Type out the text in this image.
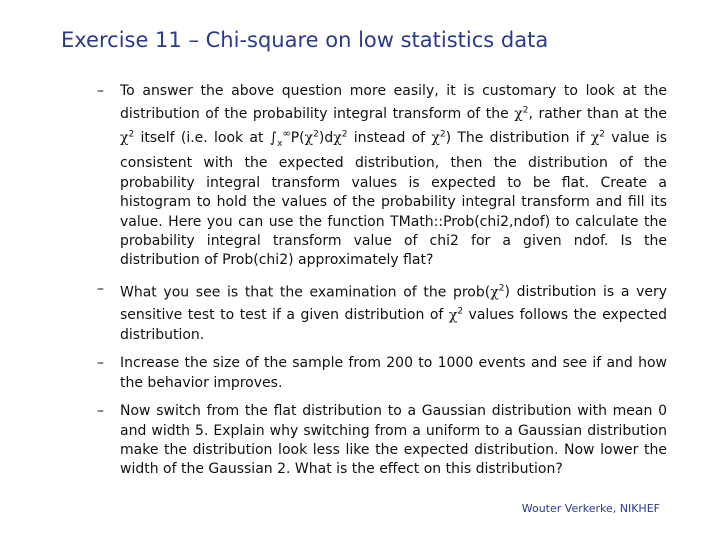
Exercise 11 – Chi-square on low statistics data
– To answer the above question more easily, it is customary to look at the distribution of the probability integral transform of the $\chi^2$, rather than at the $\chi^2$ itself (i.e. look at $\int_x^\infty P(\chi^2)d\chi^2$ instead of $\chi^2$) The distribution if $\chi^2$ value is consistent with the expected distribution, then the distribution of the probability integral transform values is expected to be flat. Create a histogram to hold the values of the probability integral transform and fill its value. Here you can use the function TMath::Prob(chi2,ndof) to calculate the probability integral transform value of chi2 for a given ndof. Is the distribution of Prob(chi2) approximately flat?
– What you see is that the examination of the $prob(\chi^2)$ distribution is a very sensitive test to test if a given distribution of $\chi^2$ values follows the expected distribution.
– Increase the size of the sample from 200 to 1000 events and see if and how the behavior improves.
– Now switch from the flat distribution to a Gaussian distribution with mean 0 and width 5. Explain why switching from a uniform to a Gaussian distribution make the distribution look less like the expected distribution. Now lower the width of the Gaussian 2. What is the effect on this distribution?
Wouter Verkerke, NIKHEF
